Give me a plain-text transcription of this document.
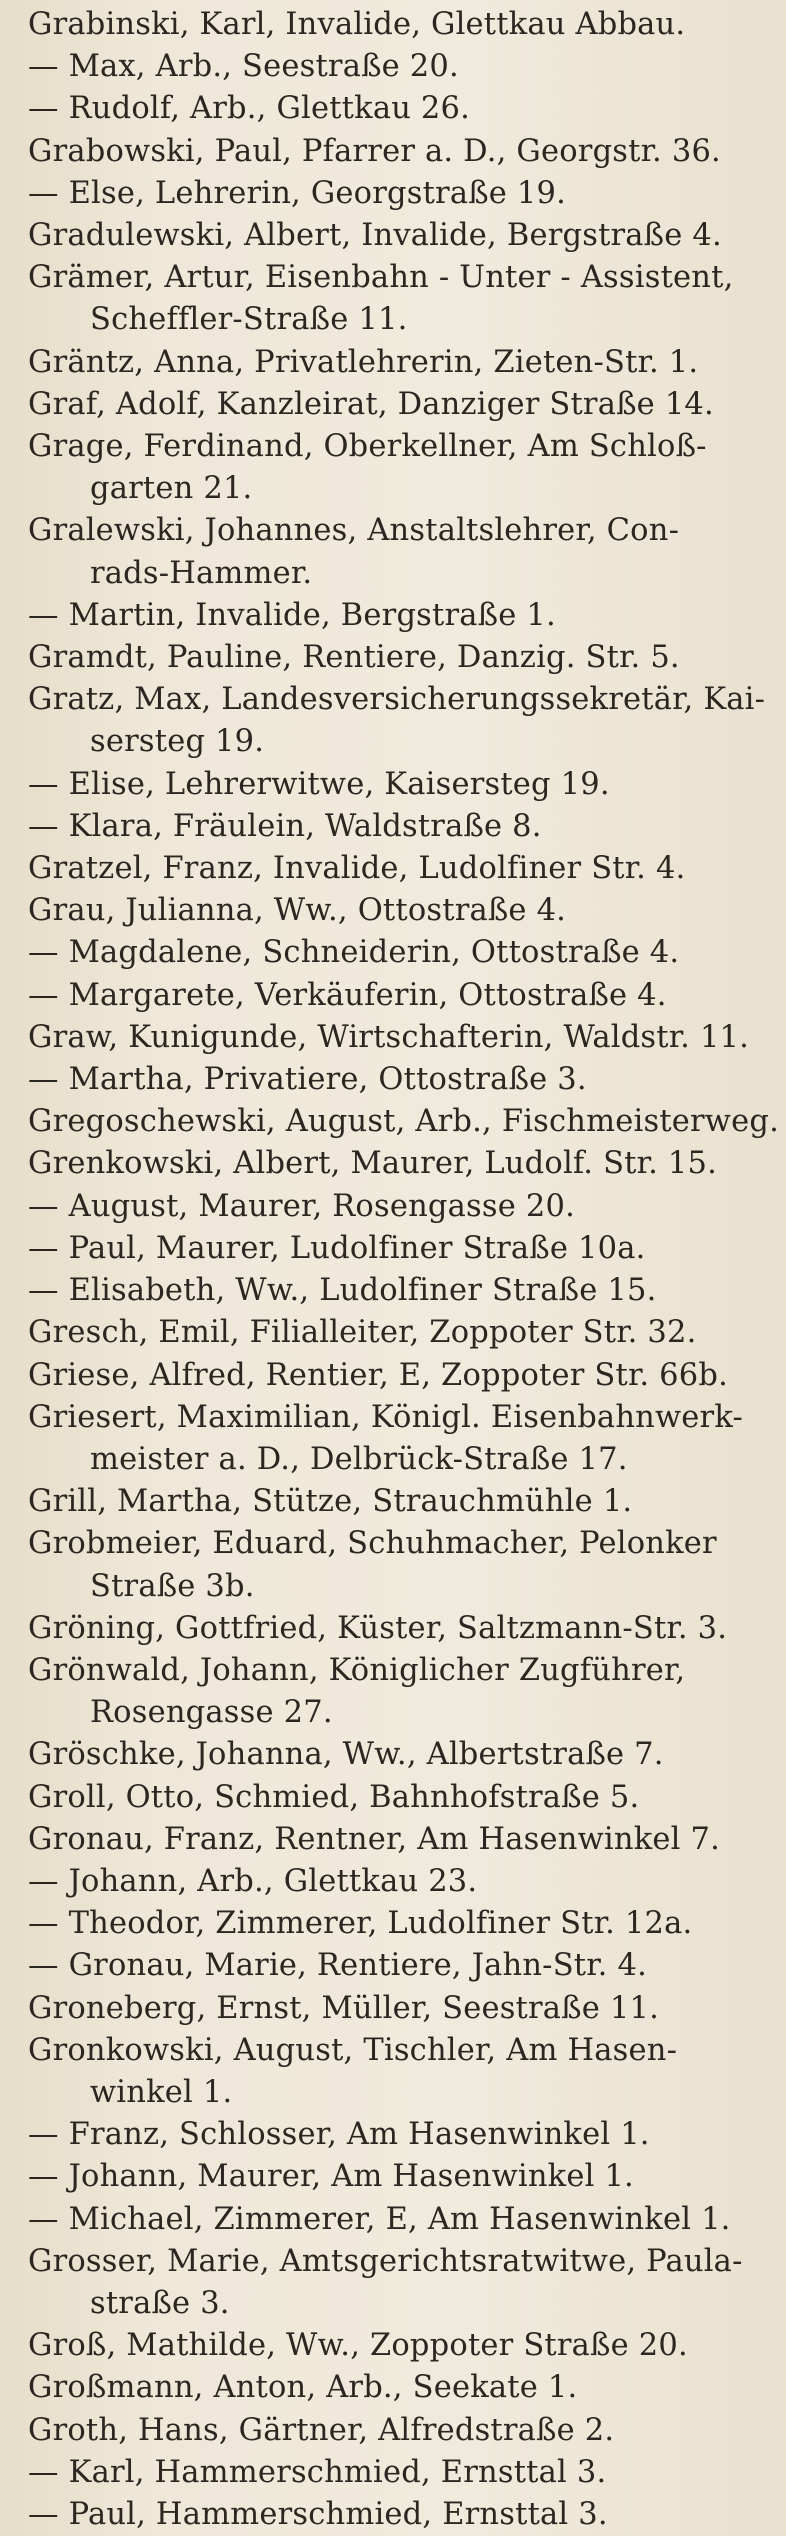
Grabinski, Karl, Invalide, Glettkau Abbau.
— Max, Arb., Seestraße 20.
— Rudolf, Arb., Glettkau 26.
Grabowski, Paul, Pfarrer a. D., Georgstr. 36.
— Else, Lehrerin, Georgstraße 19.
Gradulewski, Albert, Invalide, Bergstraße 4.
Grämer, Artur, Eisenbahn - Unter - Assistent,
Scheffler-Straße 11.
Gräntz, Anna, Privatlehrerin, Zieten-Str. 1.
Graf, Adolf, Kanzleirat, Danziger Straße 14.
Grage, Ferdinand, Oberkellner, Am Schloß-
garten 21.
Gralewski, Johannes, Anstaltslehrer, Con-
rads-Hammer.
— Martin, Invalide, Bergstraße 1.
Gramdt, Pauline, Rentiere, Danzig. Str. 5.
Gratz, Max, Landesversicherungssekretär, Kai-
sersteg 19.
— Elise, Lehrerwitwe, Kaisersteg 19.
— Klara, Fräulein, Waldstraße 8.
Gratzel, Franz, Invalide, Ludolfiner Str. 4.
Grau, Julianna, Ww., Ottostraße 4.
— Magdalene, Schneiderin, Ottostraße 4.
— Margarete, Verkäuferin, Ottostraße 4.
Graw, Kunigunde, Wirtschafterin, Waldstr. 11.
— Martha, Privatiere, Ottostraße 3.
Gregoschewski, August, Arb., Fischmeisterweg.
Grenkowski, Albert, Maurer, Ludolf. Str. 15.
— August, Maurer, Rosengasse 20.
— Paul, Maurer, Ludolfiner Straße 10a.
— Elisabeth, Ww., Ludolfiner Straße 15.
Gresch, Emil, Filialleiter, Zoppoter Str. 32.
Griese, Alfred, Rentier, E, Zoppoter Str. 66b.
Griesert, Maximilian, Königl. Eisenbahnwerk-
meister a. D., Delbrück-Straße 17.
Grill, Martha, Stütze, Strauchmühle 1.
Grobmeier, Eduard, Schuhmacher, Pelonker
Straße 3b.
Gröning, Gottfried, Küster, Saltzmann-Str. 3.
Grönwald, Johann, Königlicher Zugführer,
Rosengasse 27.
Gröschke, Johanna, Ww., Albertstraße 7.
Groll, Otto, Schmied, Bahnhofstraße 5.
Gronau, Franz, Rentner, Am Hasenwinkel 7.
— Johann, Arb., Glettkau 23.
— Theodor, Zimmerer, Ludolfiner Str. 12a.
— Gronau, Marie, Rentiere, Jahn-Str. 4.
Groneberg, Ernst, Müller, Seestraße 11.
Gronkowski, August, Tischler, Am Hasen-
winkel 1.
— Franz, Schlosser, Am Hasenwinkel 1.
— Johann, Maurer, Am Hasenwinkel 1.
— Michael, Zimmerer, E, Am Hasenwinkel 1.
Grosser, Marie, Amtsgerichtsratwitwe, Paula-
straße 3.
Groß, Mathilde, Ww., Zoppoter Straße 20.
Großmann, Anton, Arb., Seekate 1.
Groth, Hans, Gärtner, Alfredstraße 2.
— Karl, Hammerschmied, Ernsttal 3.
— Paul, Hammerschmied, Ernsttal 3.
